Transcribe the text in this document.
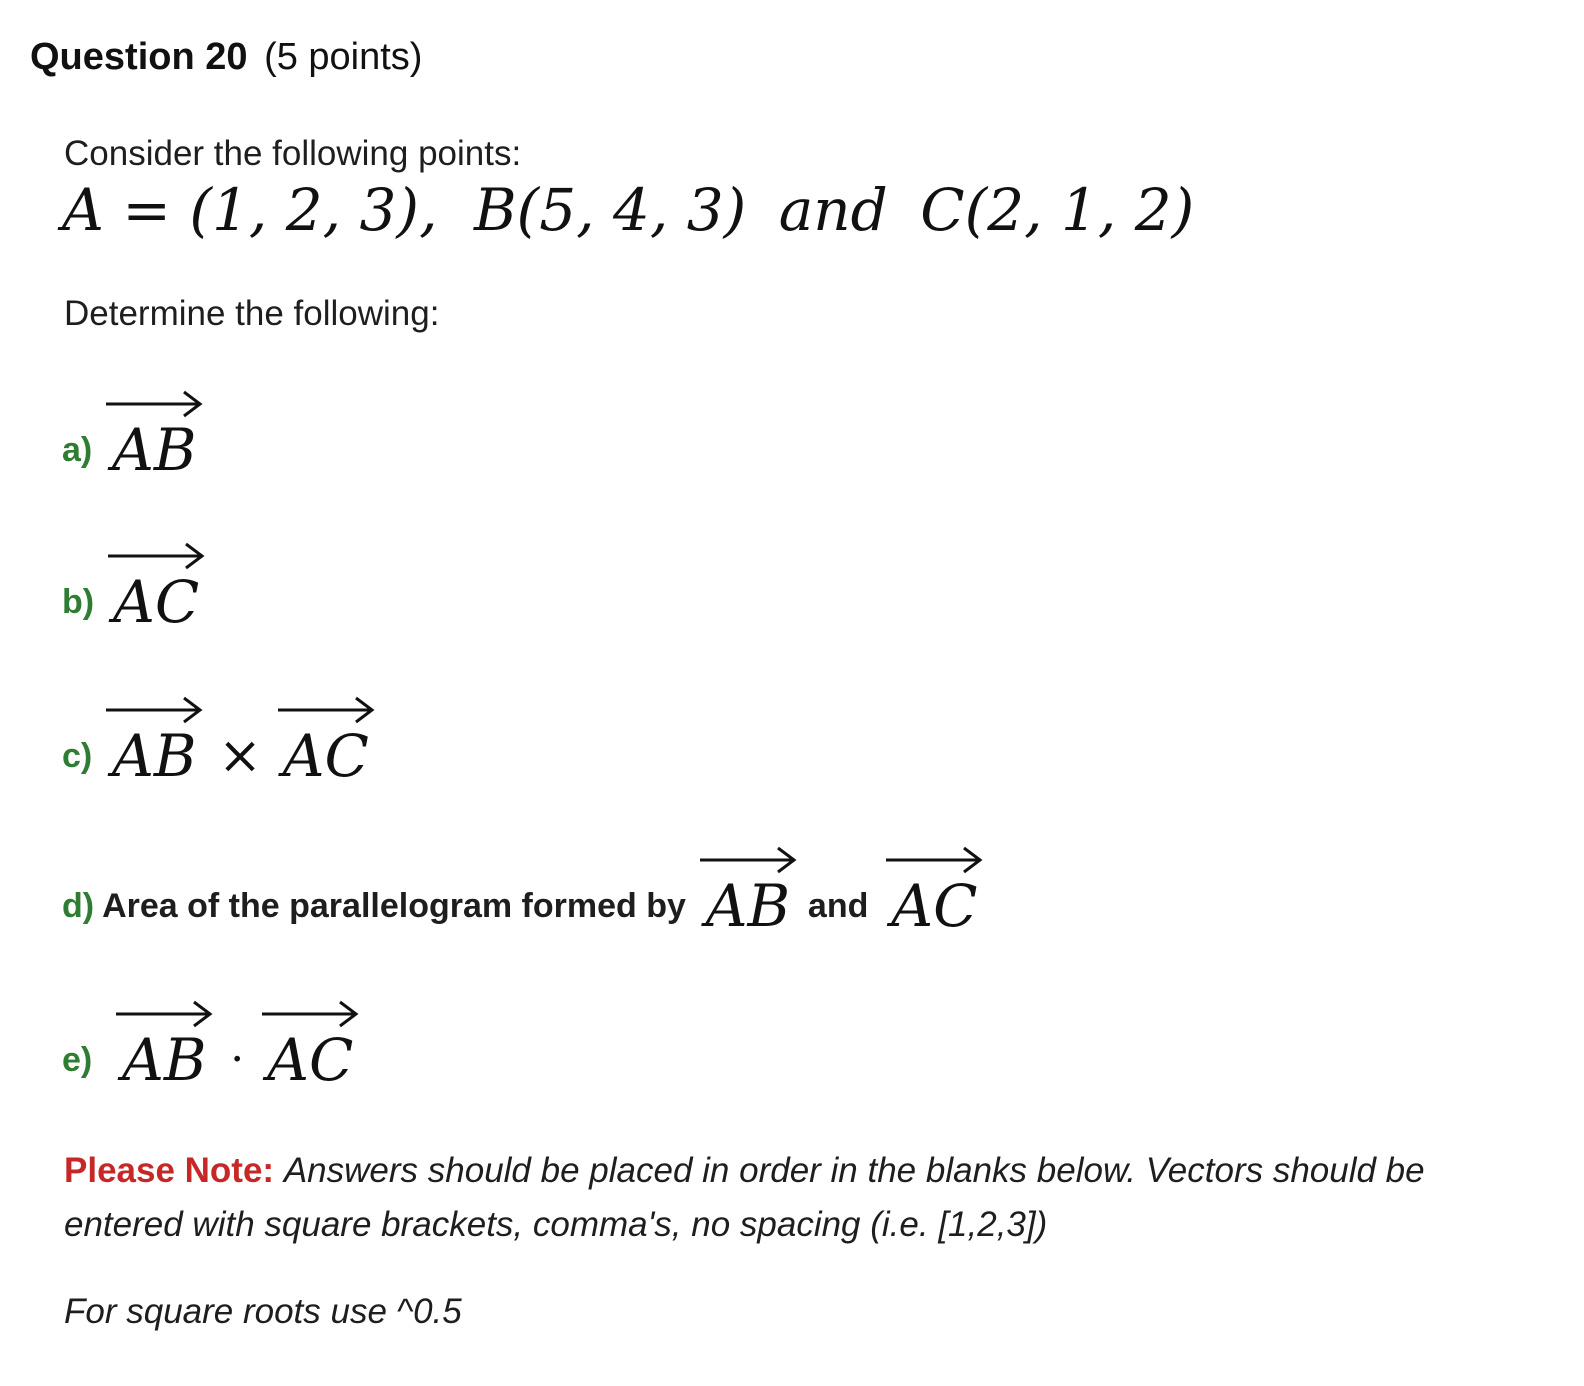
Question 20 (5 points)
Consider the following points:
A = (1, 2, 3), B(5, 4, 3) and C(2, 1, 2)
Determine the following:
a) AB
b) AC
c) AB × AC
d) Area of the parallelogram formed by AB and AC
e) AB · AC
Please Note: Answers should be placed in order in the blanks below. Vectors should be entered with square brackets, comma's, no spacing (i.e. [1,2,3])
For square roots use ^0.5
